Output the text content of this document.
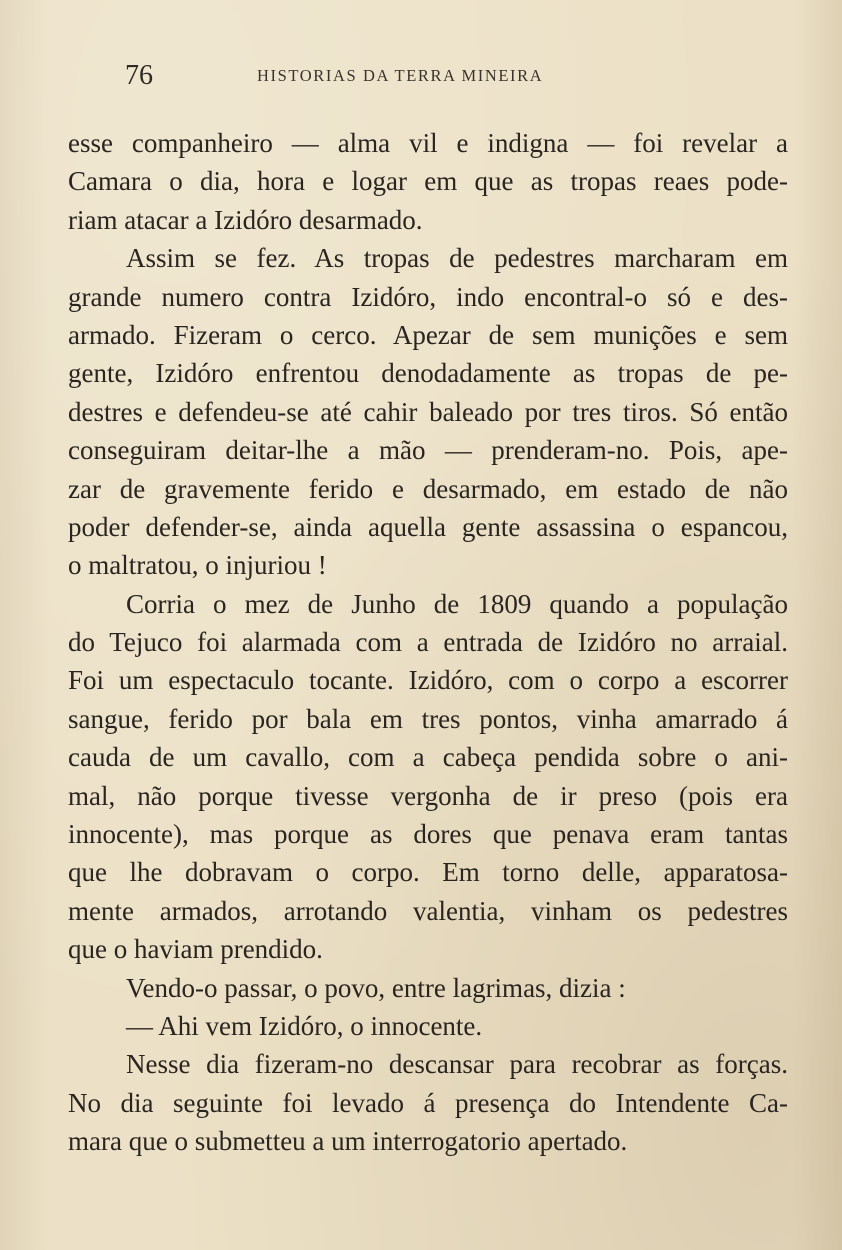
76	HISTORIAS DA TERRA MINEIRA
esse companheiro — alma vil e indigna — foi revelar a
Camara o dia, hora e logar em que as tropas reaes pode-
riam atacar a Izidóro desarmado.
Assim se fez. As tropas de pedestres marcharam em
grande numero contra Izidóro, indo encontral-o só e des-
armado. Fizeram o cerco. Apezar de sem munições e sem
gente, Izidóro enfrentou denodadamente as tropas de pe-
destres e defendeu-se até cahir baleado por tres tiros. Só então
conseguiram deitar-lhe a mão — prenderam-no. Pois, ape-
zar de gravemente ferido e desarmado, em estado de não
poder defender-se, ainda aquella gente assassina o espancou,
o maltratou, o injuriou !
Corria o mez de Junho de 1809 quando a população
do Tejuco foi alarmada com a entrada de Izidóro no arraial.
Foi um espectaculo tocante. Izidóro, com o corpo a escorrer
sangue, ferido por bala em tres pontos, vinha amarrado á
cauda de um cavallo, com a cabeça pendida sobre o ani-
mal, não porque tivesse vergonha de ir preso (pois era
innocente), mas porque as dores que penava eram tantas
que lhe dobravam o corpo. Em torno delle, apparatosa-
mente armados, arrotando valentia, vinham os pedestres
que o haviam prendido.
Vendo-o passar, o povo, entre lagrimas, dizia :
— Ahi vem Izidóro, o innocente.
Nesse dia fizeram-no descansar para recobrar as forças.
No dia seguinte foi levado á presença do Intendente Ca-
mara que o submetteu a um interrogatorio apertado.
